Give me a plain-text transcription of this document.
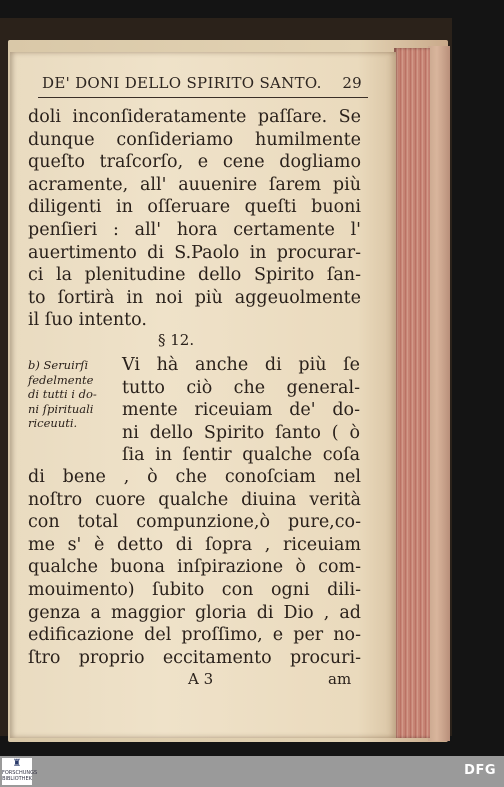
DE' DONI DELLO SPIRITO SANTO. 29
doli inconſideratamente paſſare. Se
dunque conſideriamo humilmente
queſto traſcorſo, e cene dogliamo
acramente, all' auuenire ſarem più
diligenti in oſſeruare queſti buoni
penſieri : all' hora certamente l'
auertimento di S.Paolo in procurar-
ci la plenitudine dello Spirito ſan-
to ſortirà in noi più aggeuolmente
il ſuo intento.
§ 12.
b) Seruirſi
fedelmente
di tutti i do-
ni ſpirituali
riceuuti.
Vi hà anche di più ſe
tutto ciò che general-
mente riceuiam de' do-
ni dello Spirito ſanto ( ò
ſia in ſentir qualche coſa
di bene , ò che conoſciam nel
noſtro cuore qualche diuina verità
con total compunzione,ò pure,co-
me s' è detto di ſopra , riceuiam
qualche buona inſpirazione ò com-
mouimento) ſubito con ogni dili-
genza a maggior gloria di Dio , ad
edificazione del proſſimo, e per no-
ſtro proprio eccitamento procuri-
A 3	am
♜
FORSCHUNGS BIBLIOTHEK
DFG
